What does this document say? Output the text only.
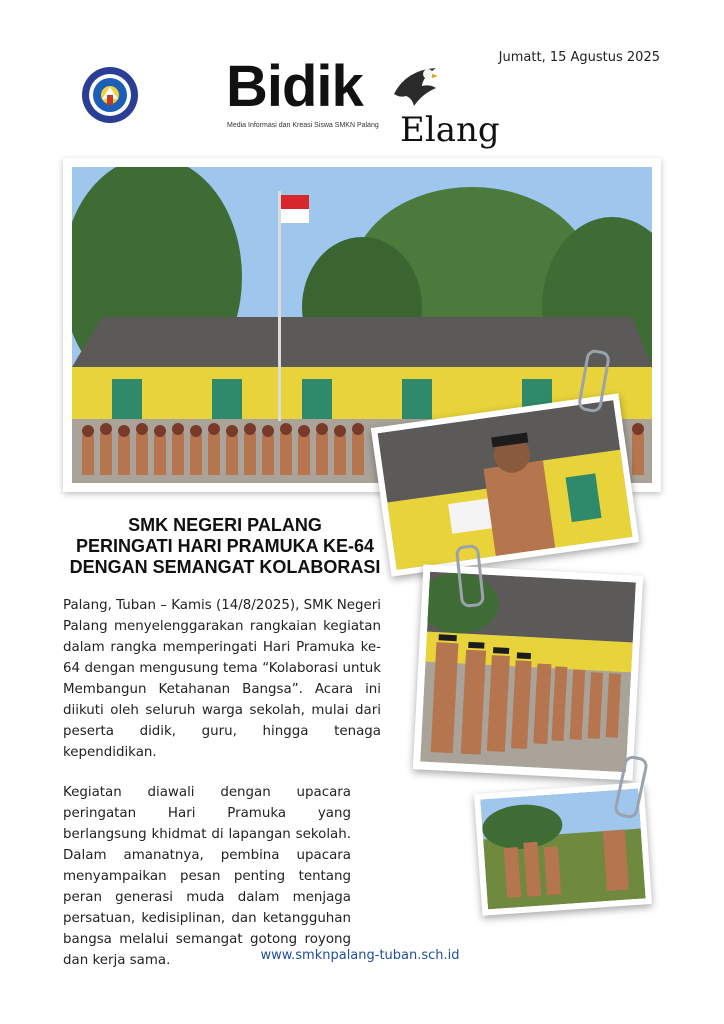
Jumatt, 15 Agustus 2025
Bidik
Media Informasi dan Kreasi Siswa SMKN Palang Elang
SMK NEGERI PALANG
PERINGATI HARI PRAMUKA KE-64
DENGAN SEMANGAT KOLABORASI
Palang, Tuban – Kamis (14/8/2025), SMK Negeri Palang menyelenggarakan rangkaian kegiatan dalam rangka memperingati Hari Pramuka ke-64 dengan mengusung tema “Kolaborasi untuk Membangun Ketahanan Bangsa”. Acara ini diikuti oleh seluruh warga sekolah, mulai dari peserta didik, guru, hingga tenaga kependidikan.
Kegiatan diawali dengan upacara peringatan Hari Pramuka yang berlangsung khidmat di lapangan sekolah. Dalam amanatnya, pembina upacara menyampaikan pesan penting tentang peran generasi muda dalam menjaga persatuan, kedisiplinan, dan ketangguhan bangsa melalui semangat gotong royong dan kerja sama.	www.smknpalang-tuban.sch.id
